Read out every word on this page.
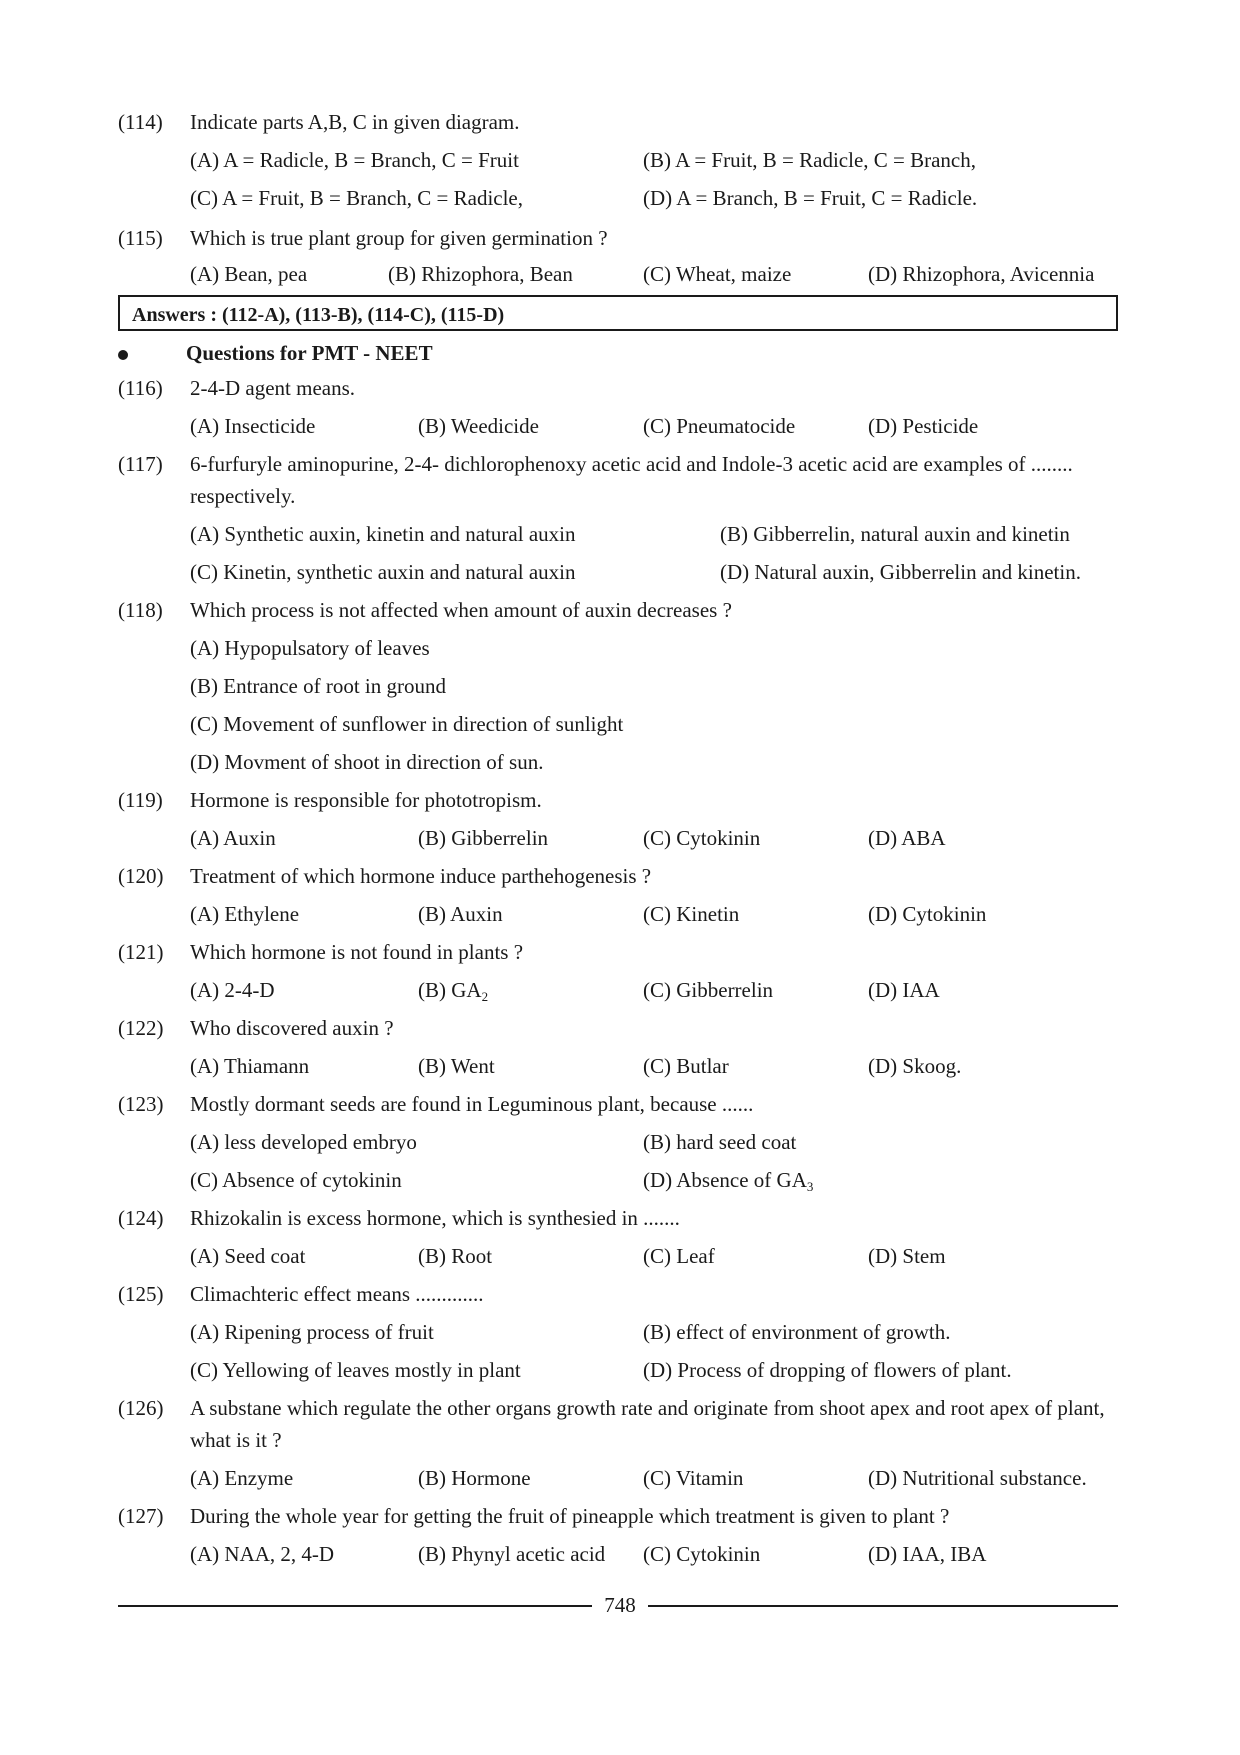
(114)	Indicate parts A,B, C in given diagram.
(A) A = Radicle, B = Branch, C = Fruit	(B) A = Fruit, B = Radicle, C = Branch,
(C) A = Fruit, B = Branch, C = Radicle,	(D) A = Branch, B = Fruit, C = Radicle.
(115)	Which is true plant group for given germination ?
(A) Bean, pea	(B) Rhizophora, Bean	(C) Wheat, maize	(D) Rhizophora, Avicennia
Answers : (112-A), (113-B), (114-C), (115-D)
Questions for PMT - NEET
(116)	2-4-D agent means.
(A) Insecticide	(B) Weedicide	(C) Pneumatocide	(D) Pesticide
(117)	6-furfuryle aminopurine, 2-4- dichlorophenoxy acetic acid and Indole-3 acetic acid are examples of ........ respectively.
(A) Synthetic auxin, kinetin and natural auxin	(B) Gibberrelin, natural auxin and kinetin
(C) Kinetin, synthetic auxin and natural auxin	(D) Natural auxin, Gibberrelin and kinetin.
(118)	Which process is not affected when amount of auxin decreases ?
(A) Hypopulsatory of leaves
(B) Entrance of root in ground
(C) Movement of sunflower in direction of sunlight
(D) Movment of shoot in direction of sun.
(119)	Hormone is responsible for phototropism.
(A) Auxin	(B) Gibberrelin	(C) Cytokinin	(D) ABA
(120)	Treatment of which hormone induce parthehogenesis ?
(A) Ethylene	(B) Auxin	(C) Kinetin	(D) Cytokinin
(121)	Which hormone is not found in plants ?
(A) 2-4-D	(B) $GA_2$	(C) Gibberrelin	(D) IAA
(122)	Who discovered auxin ?
(A) Thiamann	(B) Went	(C) Butlar	(D) Skoog.
(123)	Mostly dormant seeds are found in Leguminous plant, because ......
(A) less developed embryo	(B) hard seed coat
(C) Absence of cytokinin	(D) Absence of $GA_3$
(124)	Rhizokalin is excess hormone, which is synthesied in .......
(A) Seed coat	(B) Root	(C) Leaf	(D) Stem
(125)	Climachteric effect means .............
(A) Ripening process of fruit	(B) effect of environment of growth.
(C) Yellowing of leaves mostly in plant	(D) Process of dropping of flowers of plant.
(126)	A substane which regulate the other organs growth rate and originate from shoot apex and root apex of plant, what is it ?
(A) Enzyme	(B) Hormone	(C) Vitamin	(D) Nutritional substance.
(127)	During the whole year for getting the fruit of pineapple which treatment is given to plant ?
(A) NAA, 2, 4-D	(B) Phynyl acetic acid (C) Cytokinin	(D) IAA, IBA
748
